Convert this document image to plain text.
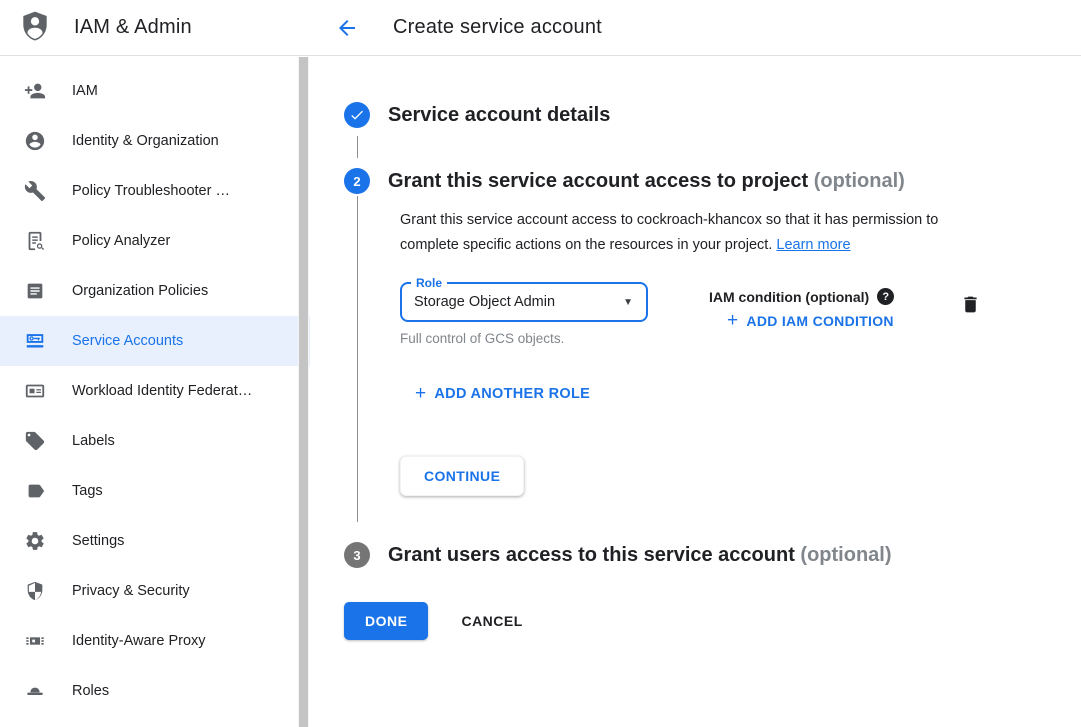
IAM & Admin
IAM
Identity & Organization
Policy Troubleshooter …
Policy Analyzer
Organization Policies
Service Accounts
Workload Identity Federat…
Labels
Tags
Settings
Privacy & Security
Identity-Aware Proxy
Roles
Create service account
Service account details
2 Grant this service account access to project (optional)

Grant this service account access to cockroach-khancox so that it has permission to complete specific actions on the resources in your project. Learn more

Role
Storage Object Admin	▼
Full control of GCS objects.
IAM condition (optional)	?
+ ADD IAM CONDITION
+ ADD ANOTHER ROLE
CONTINUE
3 Grant users access to this service account (optional)
DONE	CANCEL
